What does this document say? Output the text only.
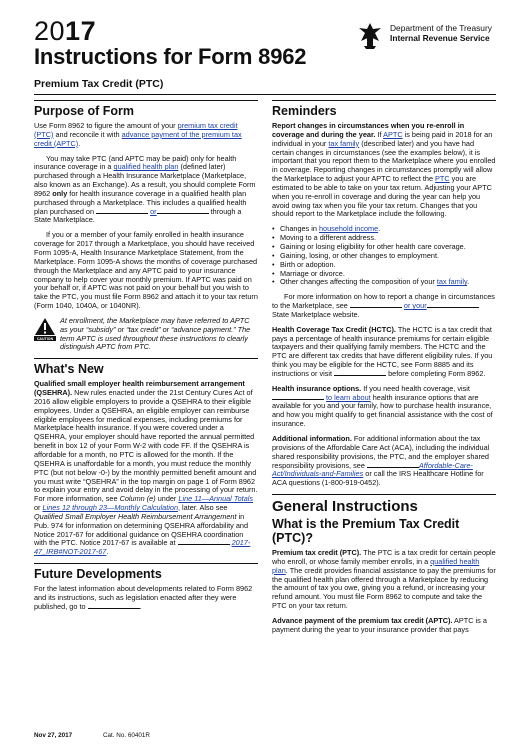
2017
Instructions for Form 8962
Premium Tax Credit (PTC)
Department of the Treasury
Internal Revenue Service
Purpose of Form

Use Form 8962 to figure the amount of your premium tax credit (PTC) and reconcile it with advance payment of the premium tax credit (APTC).

You may take PTC (and APTC may be paid) only for health insurance coverage in a qualified health plan (defined later) purchased through a Health Insurance Marketplace (Marketplace, also known as an Exchange). As a result, you should complete Form 8962 only for health insurance coverage in a qualified health plan purchased through a Marketplace. This includes a qualified health plan purchased on	or	through a State Marketplace.

If you or a member of your family enrolled in health insurance coverage for 2017 through a Marketplace, you should have received Form 1095-A, Health Insurance Marketplace Statement, from the Marketplace. Form 1095-A shows the months of coverage purchased through the Marketplace and any APTC paid to your insurance company to help cover your monthly premium. If APTC was paid on your behalf or, if APTC was not paid on your behalf but you wish to take the PTC, you must file Form 8962 and attach it to your tax return (Form 1040, 1040A, or 1040NR).

CAUTION
At enrollment, the Marketplace may have referred to APTC as your “subsidy” or “tax credit” or “advance payment.” The term APTC is used throughout these instructions to clearly distinguish APTC from PTC.
What's New

Qualified small employer health reimbursement arrangement (QSEHRA). New rules enacted under the 21st Century Cures Act of 2016 allow eligible employers to provide a QSEHRA to their eligible employees. Under a QSEHRA, an eligible employer can reimburse eligible employees for medical expenses, including premiums for Marketplace health insurance. If you were covered under a QSEHRA, your employer should have reported the annual permitted benefit in box 12 of your Form W-2 with code FF. If the QSEHRA is affordable for a month, no PTC is allowed for the month. If the QSEHRA is unaffordable for a month, you must reduce the monthly PTC (but not below -0-) by the monthly permitted benefit amount and you must write “QSEHRA” in the top margin on page 1 of Form 8962 to explain your entry and avoid delay in the processing of your return. For more information, see Column (e) under Line 11—Annual Totals or Lines 12 through 23—Monthly Calculation, later. Also see Qualified Small Employer Health Reimbursement Arrangement in Pub. 974 for information on determining QSEHRA affordability and Notice 2017-67 for additional guidance on QSEHRA coordination with the PTC. Notice 2017-67 is available at	2017-47_IRB#NOT-2017-67.

Future Developments

For the latest information about developments related to Form 8962 and its instructions, such as legislation enacted after they were published, go to	.

Reminders

Report changes in circumstances when you re-enroll in coverage and during the year. If APTC is being paid in 2018 for an individual in your tax family (described later) and you have had certain changes in circumstances (see the examples below), it is important that you report them to the Marketplace where you enrolled in coverage. Reporting changes in circumstances promptly will allow the Marketplace to adjust your APTC to reflect the PTC you are estimated to be able to take on your tax return. Adjusting your APTC when you re-enroll in coverage and during the year can help you avoid owing tax when you file your tax return. Changes that you should report to the Marketplace include the following.

• Changes in household income.
• Moving to a different address.
• Gaining or losing eligibility for other health care coverage.
• Gaining, losing, or other changes to employment.
• Birth or adoption.
• Marriage or divorce.
• Other changes affecting the composition of your tax family.

For more information on how to report a change in circumstances to the Marketplace, see	or your State Marketplace website.

Health Coverage Tax Credit (HCTC). The HCTC is a tax credit that pays a percentage of health insurance premiums for certain eligible taxpayers and their qualifying family members. The HCTC and the PTC are different tax credits that have different eligibility rules. If you think you may be eligible for the HCTC, see Form 8885 and its instructions or visit	before completing Form 8962.

Health insurance options. If you need health coverage, visit  to learn about health insurance options that are available for you and your family, how to purchase health insurance, and how you might qualify to get financial assistance with the cost of insurance.

Additional information. For additional information about the tax provisions of the Affordable Care Act (ACA), including the individual shared responsibility provisions, the PTC, and the employer shared responsibility provisions, see	Affordable-Care-Act/Individuals-and-Families or call the IRS Healthcare Hotline for ACA questions (1-800-919-0452).

General Instructions
What is the Premium Tax Credit (PTC)?

Premium tax credit (PTC). The PTC is a tax credit for certain people who enroll, or whose family member enrolls, in a qualified health plan. The credit provides financial assistance to pay the premiums for the qualified health plan offered through a Marketplace by reducing the amount of tax you owe, giving you a refund, or increasing your refund amount. You must file Form 8962 to compute and take the PTC on your tax return.

Advance payment of the premium tax credit (APTC). APTC is a payment during the year to your insurance provider that pays

Nov 27, 2017	Cat. No. 60401R
